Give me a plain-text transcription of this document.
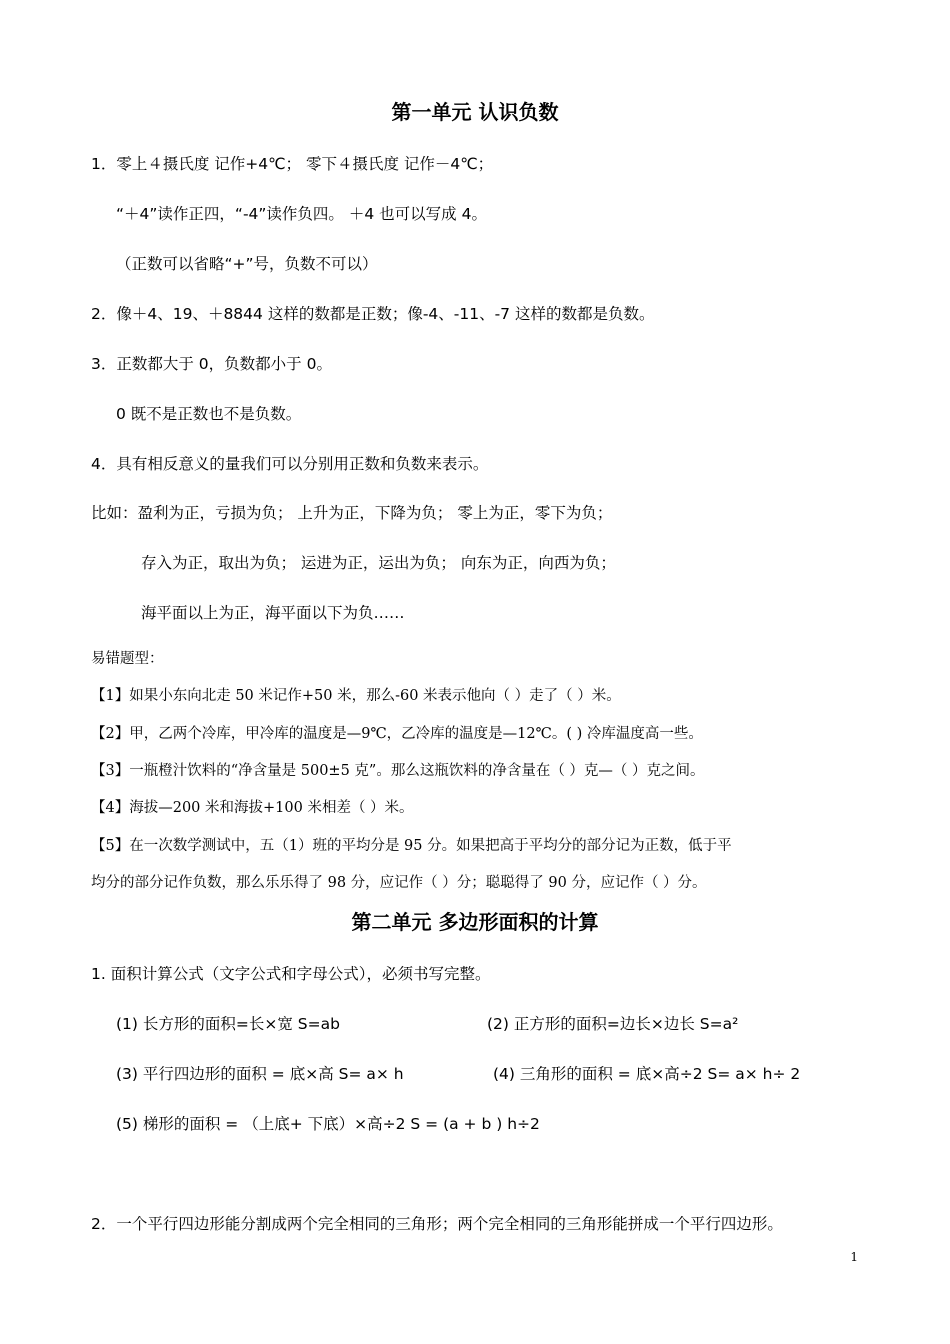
第一单元 认识负数
1．零上４摄氏度 记作+4℃； 零下４摄氏度 记作－4℃；
“＋4”读作正四，“-4”读作负四。 ＋4 也可以写成 4。
（正数可以省略“+”号，负数不可以）
2．像＋4、19、＋8844 这样的数都是正数；像-4、-11、-7 这样的数都是负数。
3．正数都大于 0，负数都小于 0。
0 既不是正数也不是负数。
4．具有相反意义的量我们可以分别用正数和负数来表示。
比如：盈利为正，亏损为负； 上升为正，下降为负； 零上为正，零下为负；
存入为正，取出为负； 运进为正，运出为负； 向东为正，向西为负；
海平面以上为正，海平面以下为负……
易错题型：
【1】如果小东向北走 50 米记作+50 米，那么-60 米表示他向（ ）走了（ ）米。
【2】甲，乙两个冷库，甲冷库的温度是—9℃，乙冷库的温度是—12℃。( ) 冷库温度高一些。
【3】一瓶橙汁饮料的“净含量是 500±5 克”。那么这瓶饮料的净含量在（ ）克—（ ）克之间。
【4】海拔—200 米和海拔+100 米相差（ ）米。
【5】在一次数学测试中，五（1）班的平均分是 95 分。如果把高于平均分的部分记为正数，低于平
均分的部分记作负数，那么乐乐得了 98 分，应记作（ ）分；聪聪得了 90 分，应记作（ ）分。
第二单元 多边形面积的计算
1. 面积计算公式（文字公式和字母公式），必须书写完整。
(1) 长方形的面积=长×宽 S=ab	(2) 正方形的面积=边长×边长 S=a²
(3) 平行四边形的面积 = 底×高 S= a× h	(4) 三角形的面积 = 底×高÷2 S= a× h÷ 2
(5) 梯形的面积 = （上底+ 下底）×高÷2 S = (a + b ) h÷2
2．一个平行四边形能分割成两个完全相同的三角形；两个完全相同的三角形能拼成一个平行四边形。
1
